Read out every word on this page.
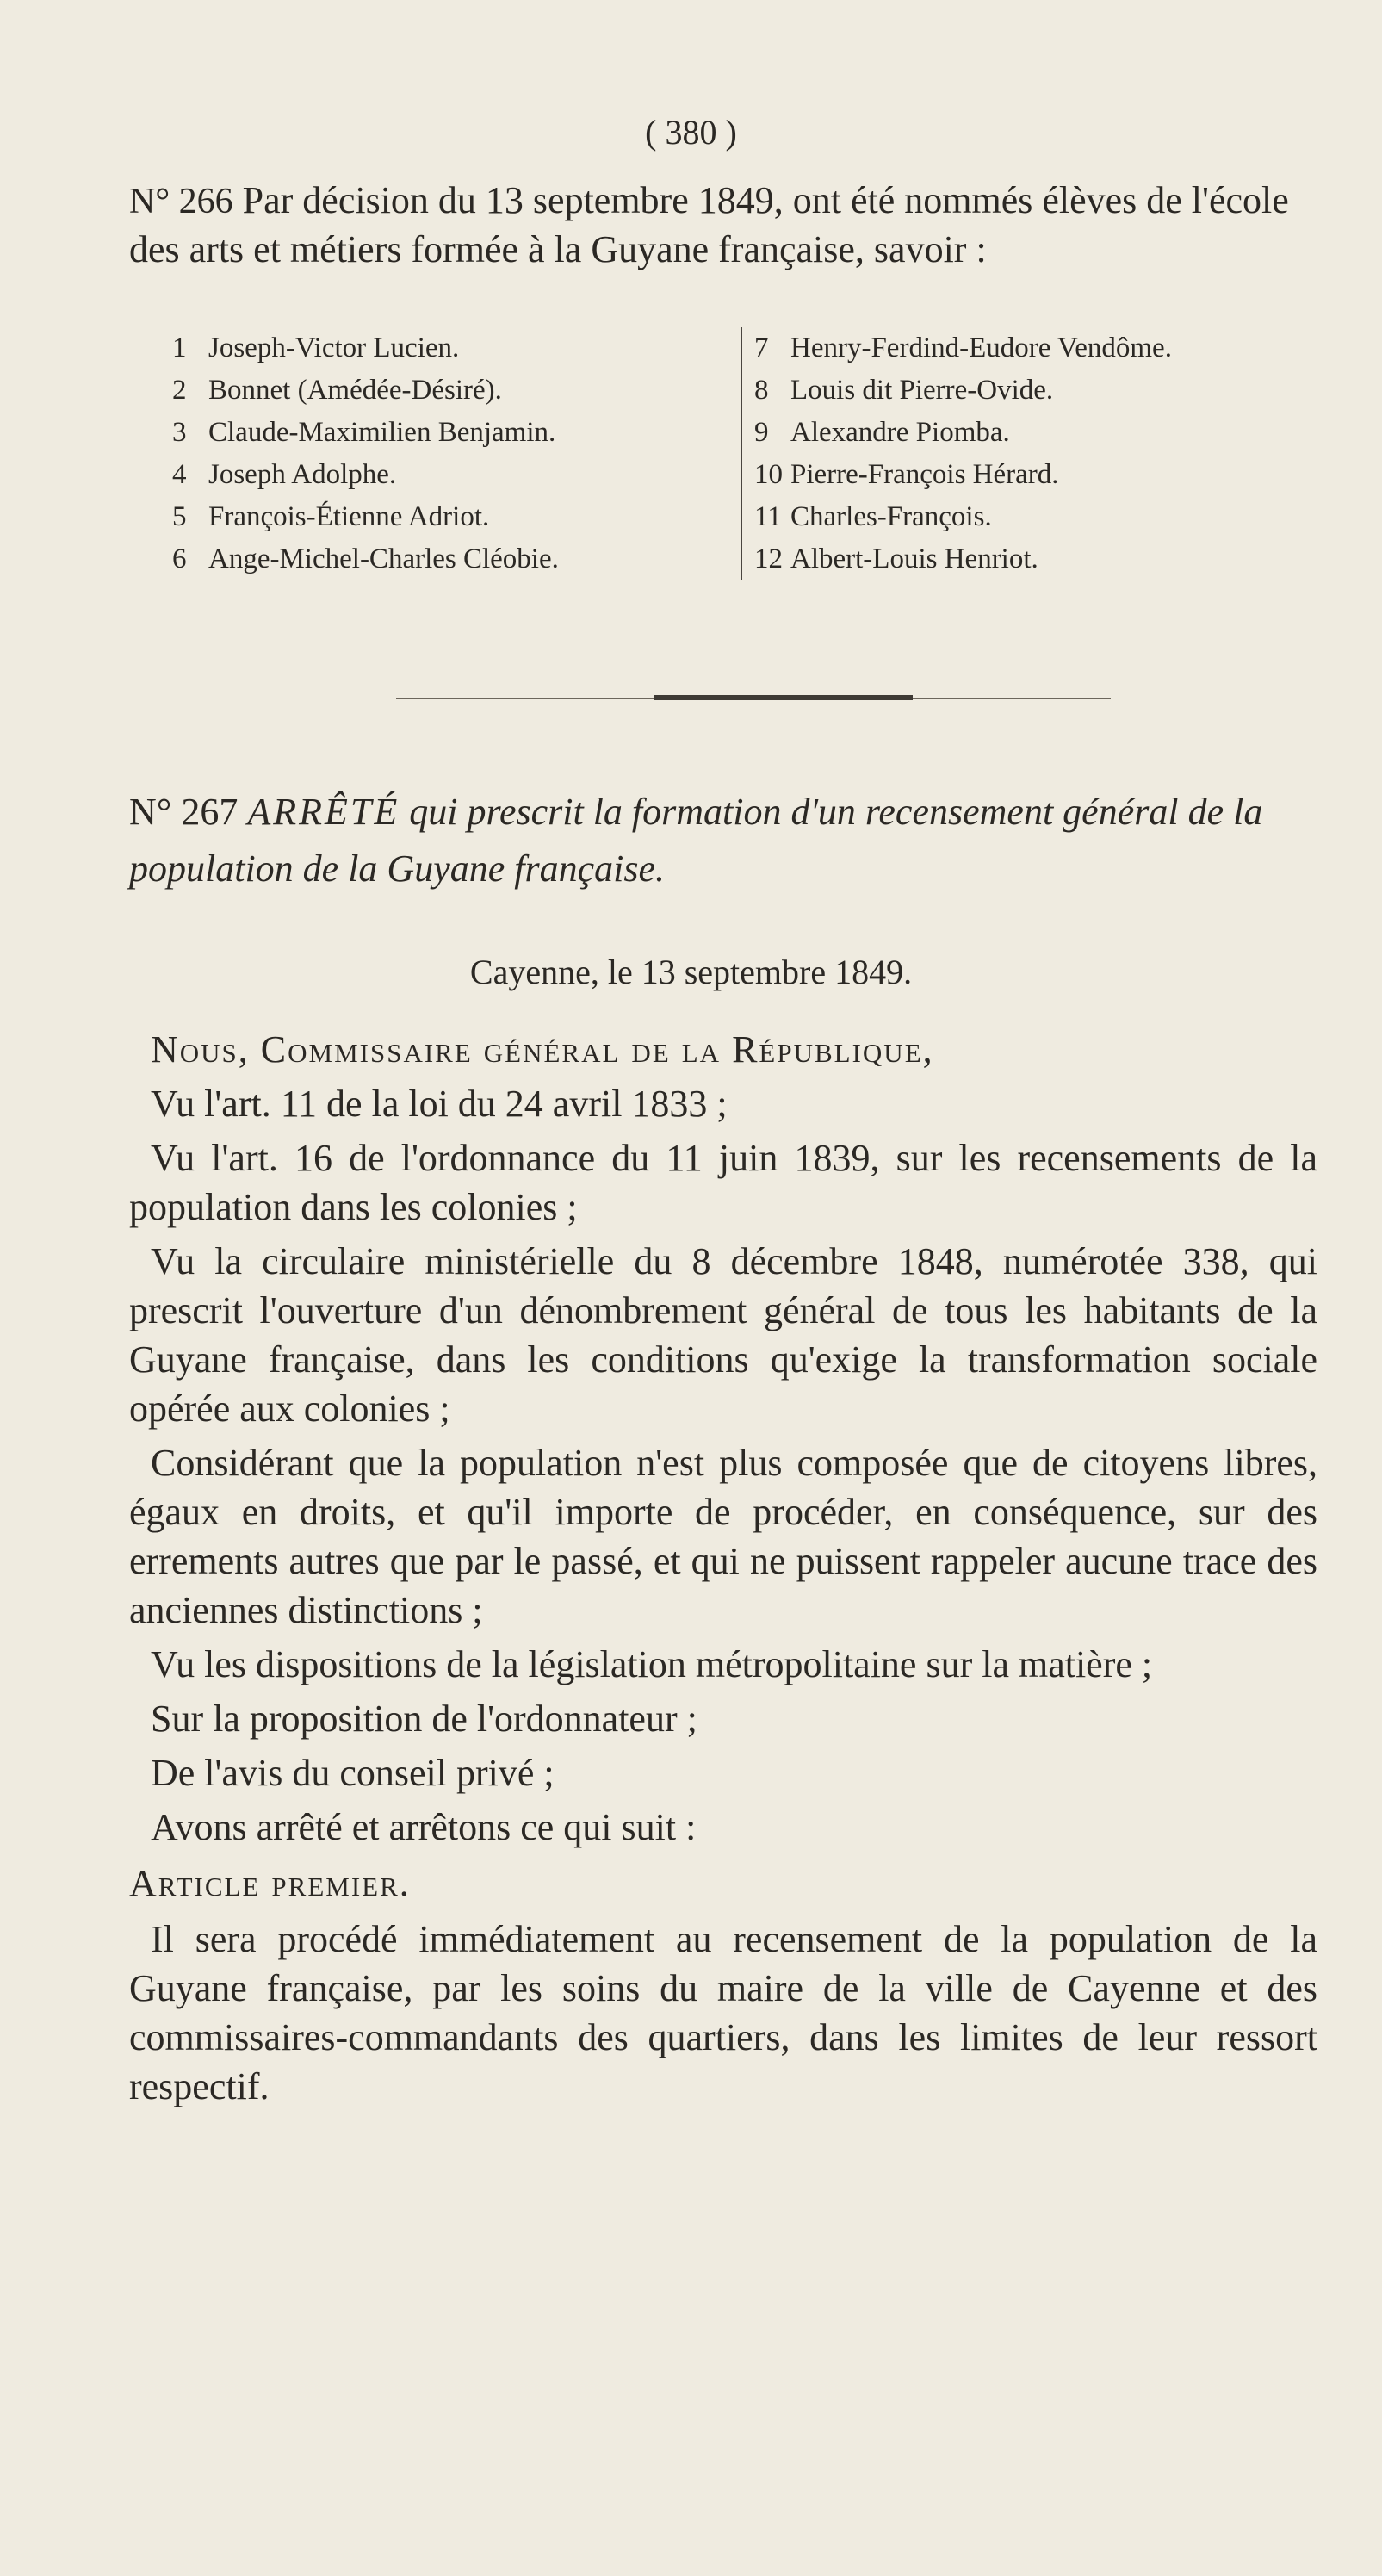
( 380 )
N° 266 Par décision du 13 septembre 1849, ont été nommés élèves de l'école des arts et métiers formée à la Guyane française, savoir :
1 Joseph-Victor Lucien.
2 Bonnet (Amédée-Désiré).
3 Claude-Maximilien Benjamin.
4 Joseph Adolphe.
5 François-Étienne Adriot.
6 Ange-Michel-Charles Cléobie.
7 Henry-Ferdind-Eudore Vendôme.
8 Louis dit Pierre-Ovide.
9 Alexandre Piomba.
10 Pierre-François Hérard.
11 Charles-François.
12 Albert-Louis Henriot.
N° 267 ARRÊTÉ qui prescrit la formation d'un recensement général de la population de la Guyane française.
Cayenne, le 13 septembre 1849.

Nous, Commissaire général de la République,

Vu l'art. 11 de la loi du 24 avril 1833 ;

Vu l'art. 16 de l'ordonnance du 11 juin 1839, sur les recensements de la population dans les colonies ;

Vu la circulaire ministérielle du 8 décembre 1848, numérotée 338, qui prescrit l'ouverture d'un dénombrement général de tous les habitants de la Guyane française, dans les conditions qu'exige la transformation sociale opérée aux colonies ;

Considérant que la population n'est plus composée que de citoyens libres, égaux en droits, et qu'il importe de procéder, en conséquence, sur des errements autres que par le passé, et qui ne puissent rappeler aucune trace des anciennes distinctions ;

Vu les dispositions de la législation métropolitaine sur la matière ;

Sur la proposition de l'ordonnateur ;

De l'avis du conseil privé ;

Avons arrêté et arrêtons ce qui suit :

Article premier.

Il sera procédé immédiatement au recensement de la population de la Guyane française, par les soins du maire de la ville de Cayenne et des commissaires-commandants des quartiers, dans les limites de leur ressort respectif.
